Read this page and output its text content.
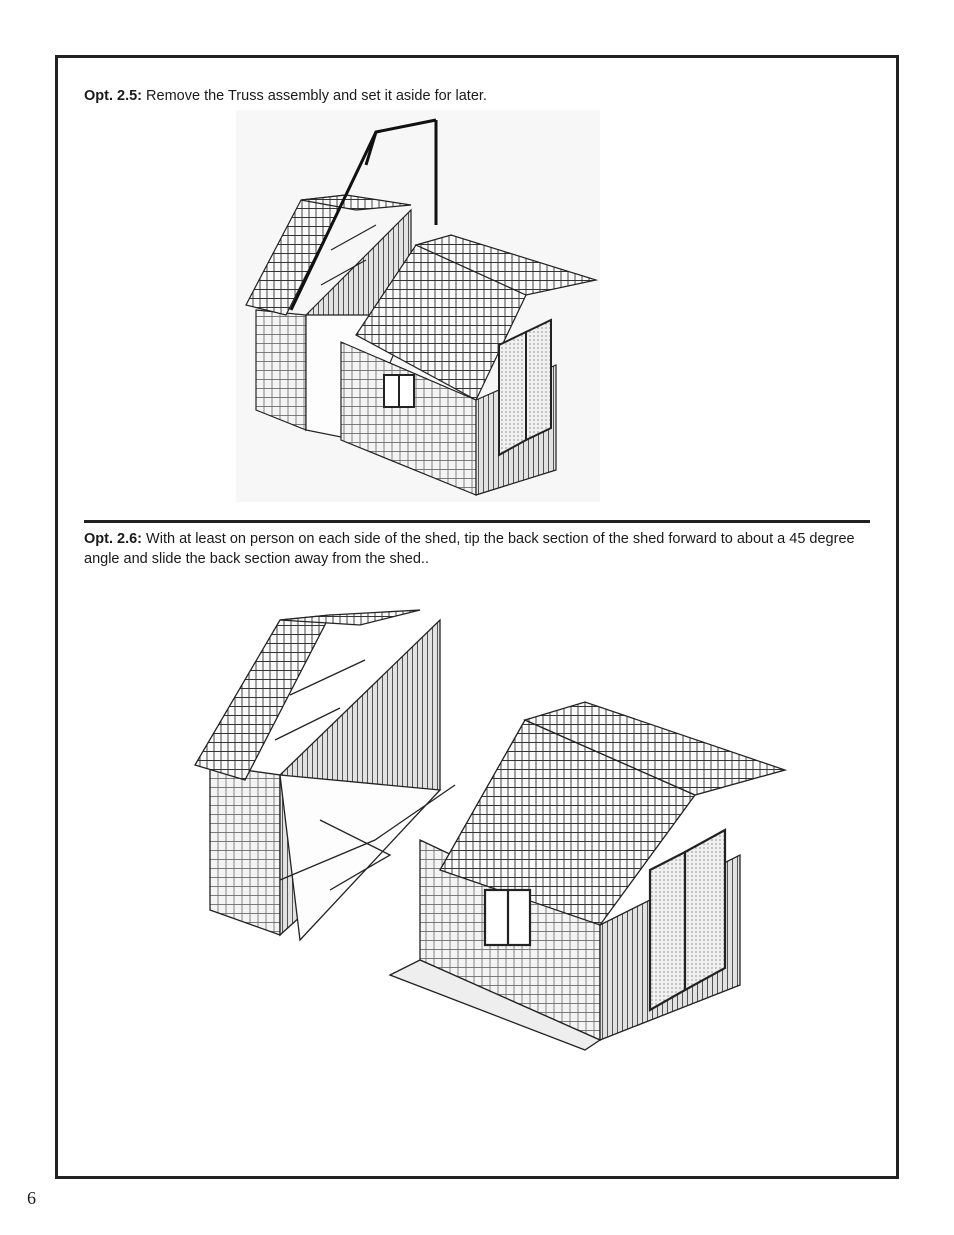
Opt. 2.5: Remove the Truss assembly and set it aside for later.
Opt. 2.6: With at least on person on each side of the shed, tip the back section of the shed forward to about a 45 degree angle and slide the back section away from the shed..
6
